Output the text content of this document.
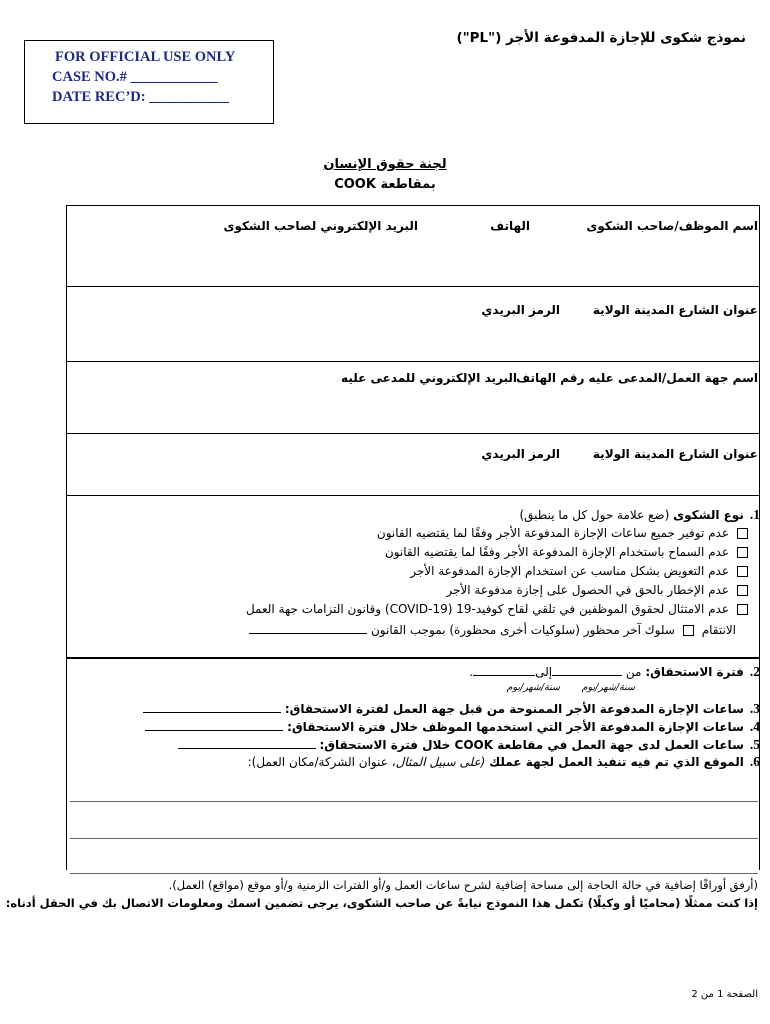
نموذج شكوى للإجازة المدفوعة الأجر ("PL")
FOR OFFICIAL USE ONLY
CASE NO.# ____________
DATE REC’D: ___________
لجنة حقوق الإنسان
بمقاطعة COOK
اسم الموظف/صاحب الشكوى
الهاتف
البريد الإلكتروني لصاحب الشكوى
عنوان الشارع المدينة الولاية
الرمز البريدي
اسم جهة العمل/المدعى عليه رقم الهاتف
البريد الإلكتروني للمدعى عليه
عنوان الشارع المدينة الولاية
الرمز البريدي
1.نوع الشكوى (ضع علامة حول كل ما ينطبق)
عدم توفير جميع ساعات الإجازة المدفوعة الأجر وفقًا لما يقتضيه القانون
عدم السماح باستخدام الإجازة المدفوعة الأجر وفقًا لما يقتضيه القانون
عدم التعويض بشكل مناسب عن استخدام الإجازة المدفوعة الأجر
عدم الإخطار بالحق في الحصول على إجازة مدفوعة الأجر
عدم الامتثال لحقوق الموظفين في تلقي لقاح كوفيد-19 (COVID-19) وقانون التزامات جهة العمل
الانتقام سلوك آخر محظور (سلوكيات أخرى محظورة) بموجب القانون
2.فترة الاستحقاق: من إلى.
سنة/شهر/يوم
سنة/شهر/يوم
3.ساعات الإجازة المدفوعة الأجر الممنوحة من قبل جهة العمل لفترة الاستحقاق:
4.ساعات الإجازة المدفوعة الأجر التي استخدمها الموظف خلال فترة الاستحقاق:
5.ساعات العمل لدى جهة العمل في مقاطعة COOK خلال فترة الاستحقاق:
6.الموقع الذي تم فيه تنفيذ العمل لجهة عملك (على سبيل المثال، عنوان الشركة/مكان العمل):
(أرفق أوراقًا إضافية في حالة الحاجة إلى مساحة إضافية لشرح ساعات العمل و/أو الفترات الزمنية و/أو موقع (مواقع) العمل).
إذا كنت ممثلًا (محاميًا أو وكيلًا) تكمل هذا النموذج نيابةً عن صاحب الشكوى، يرجى تضمين اسمك ومعلومات الاتصال بك في الحقل أدناه:
الصفحة 1 من 2
